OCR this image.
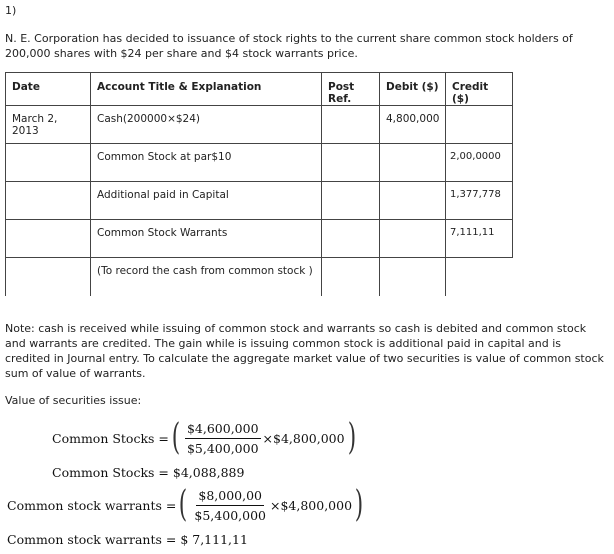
1)
N. E. Corporation has decided to issuance of stock rights to the current share common stock holders of 200,000 shares with $24 per share and $4 stock warrants price.
Date	Account Title & Explanation	Post Ref.	Debit ($)	Credit ($)
March 2, 2013	Cash(200000×$24)		4,800,000	
	Common Stock at par$10			2,00,0000
	Additional paid in Capital			1,377,778
	Common Stock Warrants			7,111,11
	(To record the cash from common stock )			
Note: cash is received while issuing of common stock and warrants so cash is debited and common stock and warrants are credited. The gain while is issuing common stock is additional paid in capital and is credited in Journal entry. To calculate the aggregate market value of two securities is value of common stock sum of value of warrants.
Value of securities issue:
Common Stocks = ( $\frac{\$4,600,000}{\$5,400,000}$ ×$4,800,000 )
Common Stocks = $4,088,889
Common stock warrants = ( $\frac{\$8,000,00}{\$5,400,000}$ ×$4,800,000 )
Common stock warrants = $ 7,111,11
